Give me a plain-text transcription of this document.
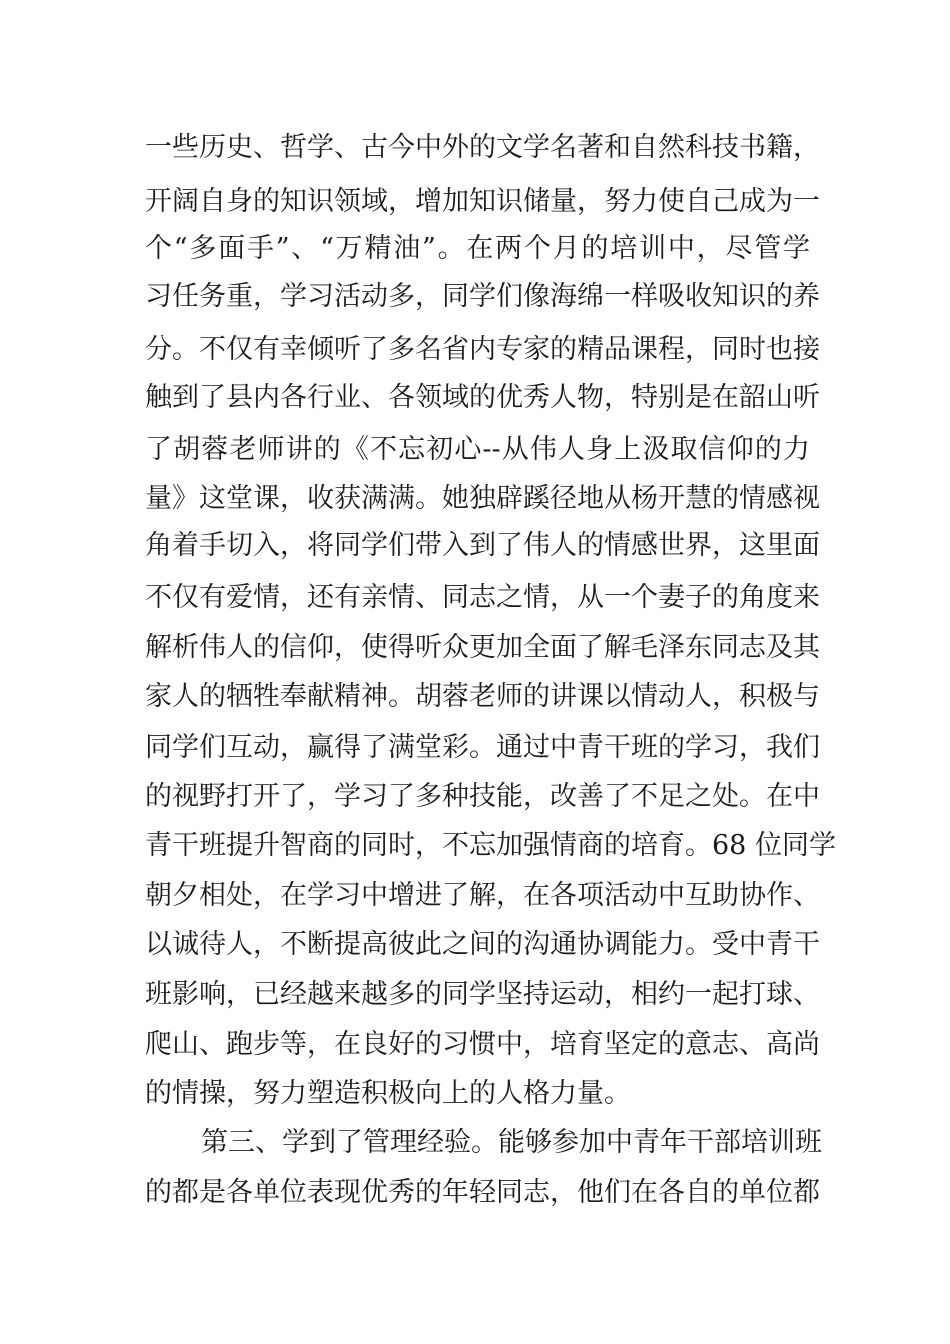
一些历史、哲学、古今中外的文学名著和自然科技书籍，
开阔自身的知识领域，增加知识储量，努力使自己成为一
个“多面手”、“万精油”。在两个月的培训中，尽管学
习任务重，学习活动多，同学们像海绵一样吸收知识的养
分。不仅有幸倾听了多名省内专家的精品课程，同时也接
触到了县内各行业、各领域的优秀人物，特别是在韶山听
了胡蓉老师讲的《不忘初心--从伟人身上汲取信仰的力
量》这堂课，收获满满。她独辟蹊径地从杨开慧的情感视
角着手切入，将同学们带入到了伟人的情感世界，这里面
不仅有爱情，还有亲情、同志之情，从一个妻子的角度来
解析伟人的信仰，使得听众更加全面了解毛泽东同志及其
家人的牺牲奉献精神。胡蓉老师的讲课以情动人，积极与
同学们互动，赢得了满堂彩。通过中青干班的学习，我们
的视野打开了，学习了多种技能，改善了不足之处。在中
青干班提升智商的同时，不忘加强情商的培育。68 位同学
朝夕相处，在学习中增进了解，在各项活动中互助协作、
以诚待人，不断提高彼此之间的沟通协调能力。受中青干
班影响，已经越来越多的同学坚持运动，相约一起打球、
爬山、跑步等，在良好的习惯中，培育坚定的意志、高尚
的情操，努力塑造积极向上的人格力量。
第三、学到了管理经验。能够参加中青年干部培训班
的都是各单位表现优秀的年轻同志，他们在各自的单位都
